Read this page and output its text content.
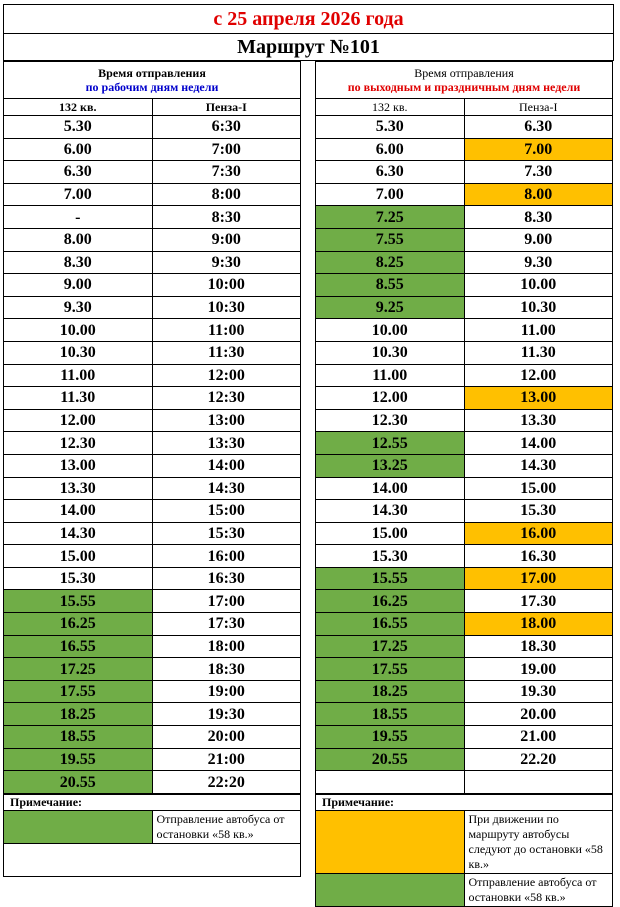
с 25 апреля 2026 года
Маршрут №101
Время отправления
по рабочим дням недели	

132 кв.	Пенза-I
5.30	6:30
6.00	7:00
6.30	7:30
7.00	8:00
-	8:30
8.00	9:00
8.30	9:30
9.00	10:00
9.30	10:30
10.00	11:00
10.30	11:30
11.00	12:00
11.30	12:30
12.00	13:00
12.30	13:30
13.00	14:00
13.30	14:30
14.00	15:00
14.30	15:30
15.00	16:00
15.30	16:30
15.55	17:00
16.25	17:30
16.55	18:00
17.25	18:30
17.55	19:00
18.25	19:30
18.55	20:00
19.55	21:00
20.55	22:20
Примечание:
	Отправление автобуса от остановки «58 кв.»

Время отправления
по выходным и праздничным дням недели	

132 кв.	Пенза-I
5.30	6.30
6.00	7.00
6.30	7.30
7.00	8.00
7.25	8.30
7.55	9.00
8.25	9.30
8.55	10.00
9.25	10.30
10.00	11.00
10.30	11.30
11.00	12.00
12.00	13.00
12.30	13.30
12.55	14.00
13.25	14.30
14.00	15.00
14.30	15.30
15.00	16.00
15.30	16.30
15.55	17.00
16.25	17.30
16.55	18.00
17.25	18.30
17.55	19.00
18.25	19.30
18.55	20.00
19.55	21.00
20.55	22.20

Примечание:	
	При движении по маршруту автобусы следуют до остановки «58 кв.»
	Отправление автобуса от остановки «58 кв.»
